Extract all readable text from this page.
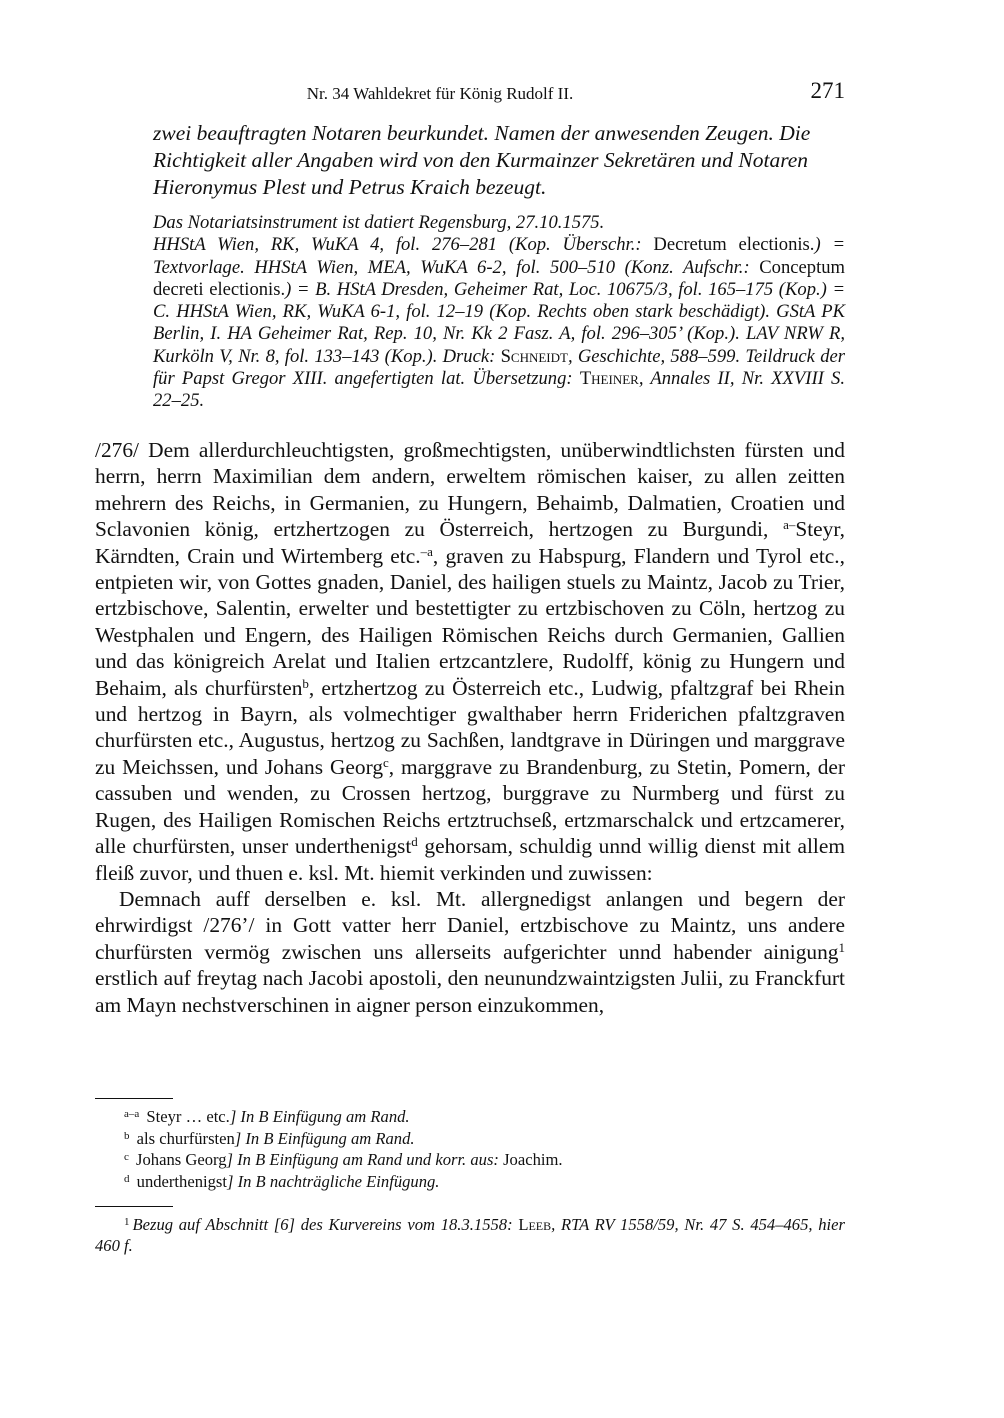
Nr. 34 Wahldekret für König Rudolf II.	271
zwei beauftragten Notaren beurkundet. Namen der anwesenden Zeugen. Die
Richtigkeit aller Angaben wird von den Kurmainzer Sekretären und Notaren
Hieronymus Plest und Petrus Kraich bezeugt.
Das Notariatsinstrument ist datiert Regensburg, 27.10.1575.
HHStA Wien, RK, WuKA 4, fol. 276–281 (Kop. Überschr.: Decretum electionis.) = Textvorlage. HHStA Wien, MEA, WuKA 6-2, fol. 500–510 (Konz. Aufschr.: Conceptum decreti electionis.) = B. HStA Dresden, Geheimer Rat, Loc. 10675/3, fol. 165–175 (Kop.) = C. HHStA Wien, RK, WuKA 6-1, fol. 12–19 (Kop. Rechts oben stark beschädigt). GStA PK Berlin, I. HA Geheimer Rat, Rep. 10, Nr. Kk 2 Fasz. A, fol. 296–305’ (Kop.). LAV NRW R, Kurköln V, Nr. 8, fol. 133–143 (Kop.). Druck: Schneidt, Geschichte, 588–599. Teildruck der für Papst Gregor XIII. angefertigten lat. Übersetzung: Theiner, Annales II, Nr. XXVIII S. 22–25.

/276/ Dem allerdurchleuchtigsten, großmechtigsten, unüberwindtlichsten fürsten und herrn, herrn Maximilian dem andern, erweltem römischen kaiser, zu allen zeitten mehrern des Reichs, in Germanien, zu Hungern, Behaimb, Dalmatien, Croatien und Sclavonien könig, ertzhertzogen zu Österreich, hertzogen zu Burgundi, $^{a-}$Steyr, Kärndten, Crain und Wirtemberg etc.$^{-a}$, graven zu Habspurg, Flandern und Tyrol etc., entpieten wir, von Gottes gnaden, Daniel, des hailigen stuels zu Maintz, Jacob zu Trier, ertzbischove, Salentin, erwelter und bestettigter zu ertzbischoven zu Cöln, hertzog zu Westphalen und Engern, des Hailigen Römischen Reichs durch Germanien, Gallien und das königreich Arelat und Italien ertzcantzlere, Rudolff, könig zu Hungern und Behaim, als churfürsten$^b$, ertzhertzog zu Österreich etc., Ludwig, pfaltzgraf bei Rhein und hertzog in Bayrn, als volmechtiger gwalthaber herrn Friderichen pfaltzgraven churfürsten etc., Augustus, hertzog zu Sachßen, landtgrave in Düringen und marggrave zu Meichssen, und Johans Georg$^c$, marggrave zu Brandenburg, zu Stetin, Pomern, der cassuben und wenden, zu Crossen hertzog, burggrave zu Nurmberg und fürst zu Rugen, des Hailigen Romischen Reichs ertztruchseß, ertzmarschalck und ertzcamerer, alle churfürsten, unser underthenigst$^d$ gehorsam, schuldig unnd willig dienst mit allem fleiß zuvor, und thuen e. ksl. Mt. hiemit verkinden und zuwissen:

Demnach auff derselben e. ksl. Mt. allergnedigst anlangen und begern der ehrwirdigst /276’/ in Gott vatter herr Daniel, ertzbischove zu Maintz, uns andere churfürsten vermög zwischen uns allerseits aufgerichter unnd habender ainigung$^1$ erstlich auf freytag nach Jacobi apostoli, den neunundzwaintzigsten Julii, zu Franckfurt am Mayn nechstverschinen in aigner person einzukommen,

$^{a-a}$ Steyr … etc.] In B Einfügung am Rand.
$^b$ als churfürsten] In B Einfügung am Rand.
$^c$ Johans Georg] In B Einfügung am Rand und korr. aus: Joachim.
$^d$ underthenigst] In B nachträgliche Einfügung.
$^1$ Bezug auf Abschnitt [6] des Kurvereins vom 18.3.1558: Leeb, RTA RV 1558/59, Nr. 47 S. 454–465, hier 460 f.
